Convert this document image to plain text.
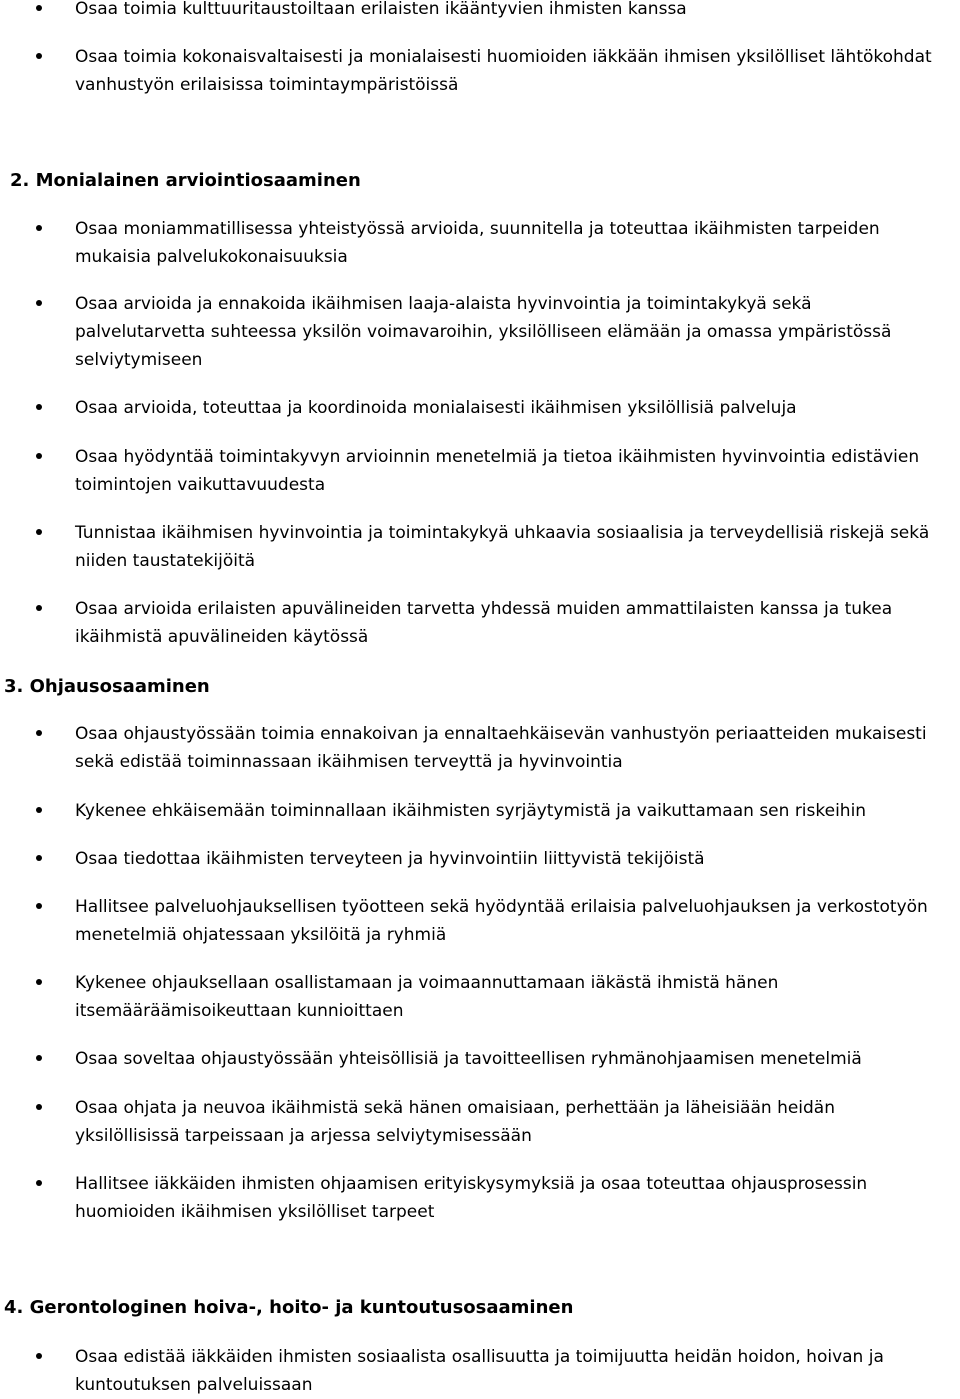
Osaa toimia kulttuuritaustoiltaan erilaisten ikääntyvien ihmisten kanssa
Osaa toimia kokonaisvaltaisesti ja monialaisesti huomioiden iäkkään ihmisen yksilölliset lähtökohdat
vanhustyön erilaisissa toimintaympäristöissä
2. Monialainen arviointiosaaminen
Osaa moniammatillisessa yhteistyössä arvioida, suunnitella ja toteuttaa ikäihmisten tarpeiden
mukaisia palvelukokonaisuuksia
Osaa arvioida ja ennakoida ikäihmisen laaja-alaista hyvinvointia ja toimintakykyä sekä
palvelutarvetta suhteessa yksilön voimavaroihin, yksilölliseen elämään ja omassa ympäristössä
selviytymiseen
Osaa arvioida, toteuttaa ja koordinoida monialaisesti ikäihmisen yksilöllisiä palveluja
Osaa hyödyntää toimintakyvyn arvioinnin menetelmiä ja tietoa ikäihmisten hyvinvointia edistävien
toimintojen vaikuttavuudesta
Tunnistaa ikäihmisen hyvinvointia ja toimintakykyä uhkaavia sosiaalisia ja terveydellisiä riskejä sekä
niiden taustatekijöitä
Osaa arvioida erilaisten apuvälineiden tarvetta yhdessä muiden ammattilaisten kanssa ja tukea
ikäihmistä apuvälineiden käytössä
3. Ohjausosaaminen
Osaa ohjaustyössään toimia ennakoivan ja ennaltaehkäisevän vanhustyön periaatteiden mukaisesti
sekä edistää toiminnassaan ikäihmisen terveyttä ja hyvinvointia
Kykenee ehkäisemään toiminnallaan ikäihmisten syrjäytymistä ja vaikuttamaan sen riskeihin
Osaa tiedottaa ikäihmisten terveyteen ja hyvinvointiin liittyvistä tekijöistä
Hallitsee palveluohjauksellisen työotteen sekä hyödyntää erilaisia palveluohjauksen ja verkostotyön
menetelmiä ohjatessaan yksilöitä ja ryhmiä
Kykenee ohjauksellaan osallistamaan ja voimaannuttamaan iäkästä ihmistä hänen
itsemääräämisoikeuttaan kunnioittaen
Osaa soveltaa ohjaustyössään yhteisöllisiä ja tavoitteellisen ryhmänohjaamisen menetelmiä
Osaa ohjata ja neuvoa ikäihmistä sekä hänen omaisiaan, perhettään ja läheisiään heidän
yksilöllisissä tarpeissaan ja arjessa selviytymisessään
Hallitsee iäkkäiden ihmisten ohjaamisen erityiskysymyksiä ja osaa toteuttaa ohjausprosessin
huomioiden ikäihmisen yksilölliset tarpeet
4. Gerontologinen hoiva-, hoito- ja kuntoutusosaaminen
Osaa edistää iäkkäiden ihmisten sosiaalista osallisuutta ja toimijuutta heidän hoidon, hoivan ja
kuntoutuksen palveluissaan
